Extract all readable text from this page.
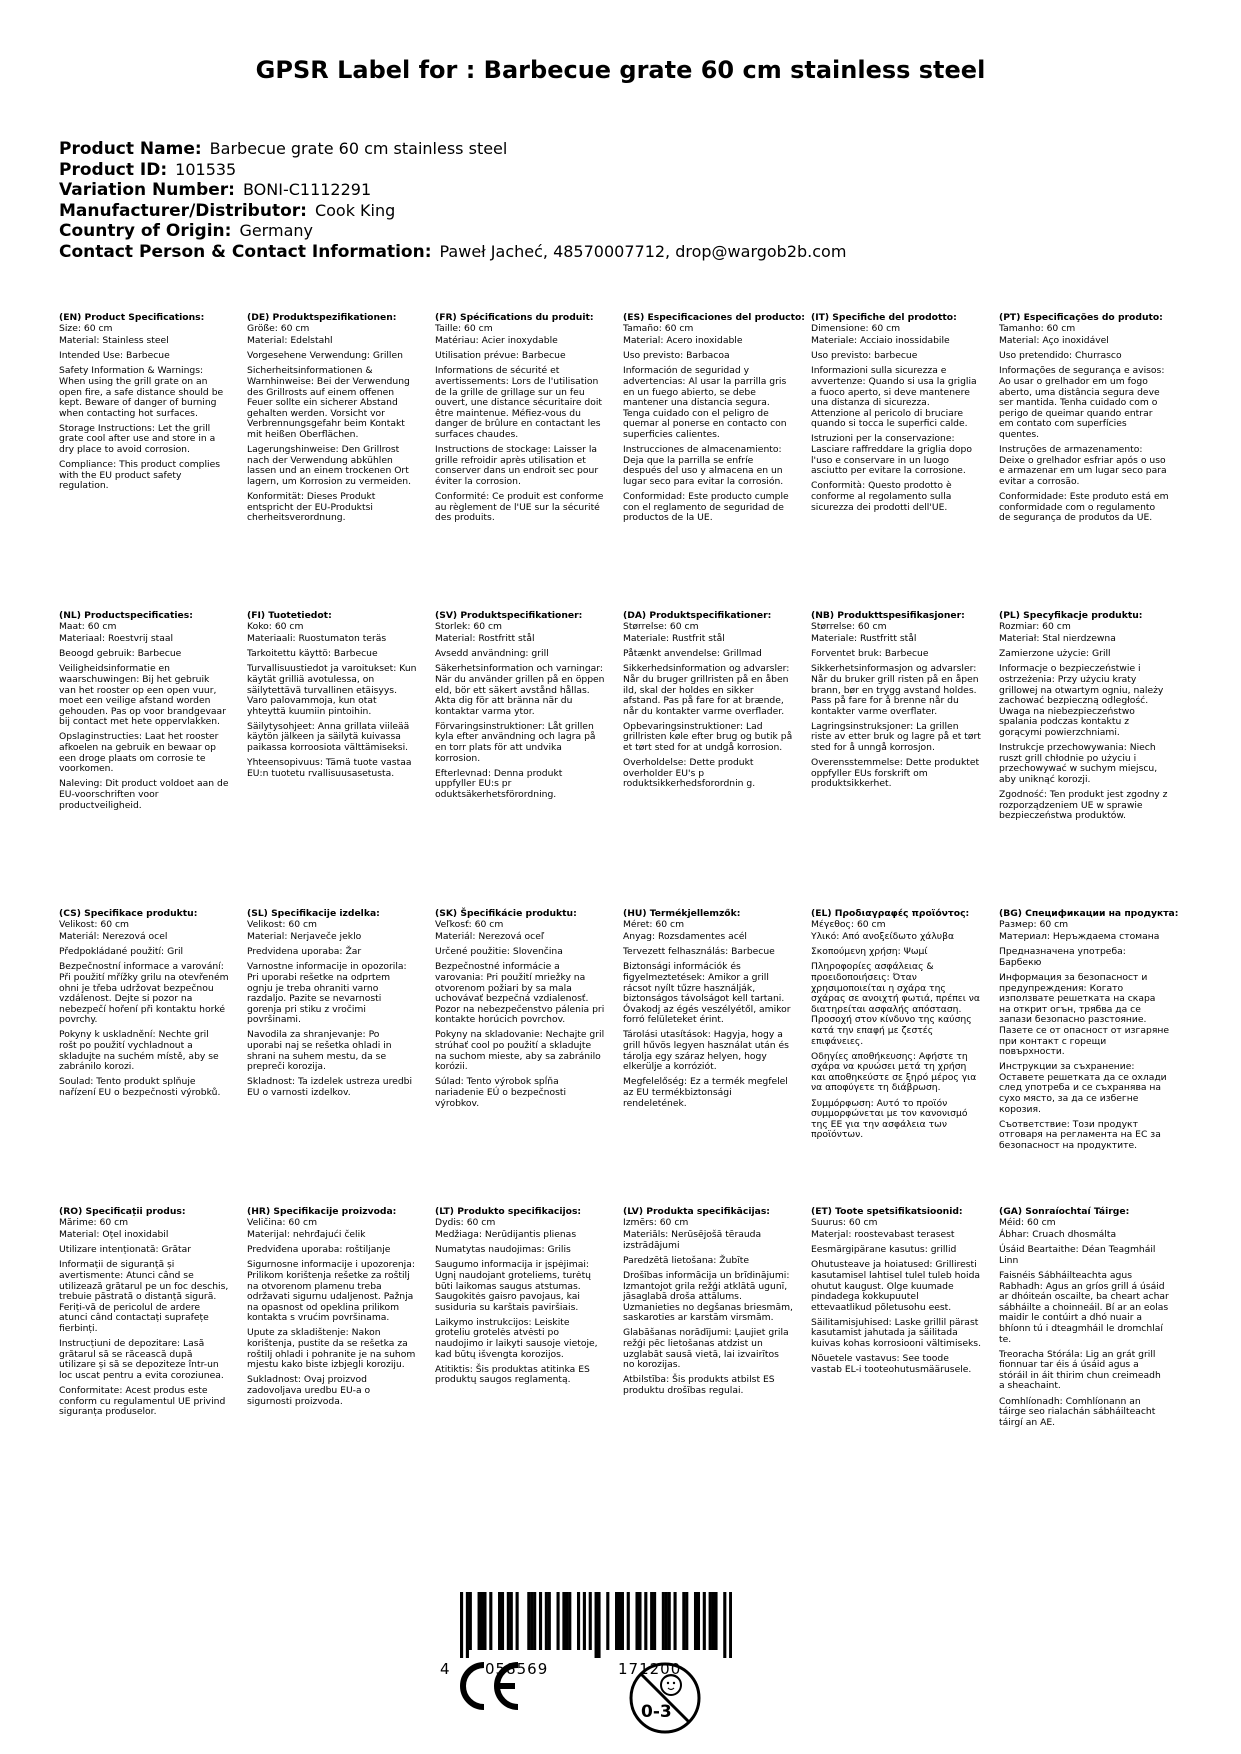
GPSR Label for : Barbecue grate 60 cm stainless steel
Product Name: Barbecue grate 60 cm stainless steel
Product ID: 101535
Variation Number: BONI-C1112291
Manufacturer/Distributor: Cook King
Country of Origin: Germany
Contact Person & Contact Information: Paweł Jacheć, 48570007712, drop@wargob2b.com
(EN) Product Specifications:
Size: 60 cm
Material: Stainless steel
Intended Use: Barbecue
Safety Information & Warnings: When using the grill grate on an open fire, a safe distance should be kept. Beware of danger of burning when contacting hot surfaces.
Storage Instructions: Let the grill grate cool after use and store in a dry place to avoid corrosion.
Compliance: This product complies with the EU product safety regulation.
(DE) Produktspezifikationen:
Größe: 60 cm
Material: Edelstahl
Vorgesehene Verwendung: Grillen
Sicherheitsinformationen & Warnhinweise: Bei der Verwendung des Grillrosts auf einem offenen Feuer sollte ein sicherer Abstand gehalten werden. Vorsicht vor Verbrennungsgefahr beim Kontakt mit heißen Oberflächen.
Lagerungshinweise: Den Grillrost nach der Verwendung abkühlen lassen und an einem trockenen Ort lagern, um Korrosion zu vermeiden.
Konformität: Dieses Produkt entspricht der EU-Produktsi cherheitsverordnung.
(FR) Spécifications du produit:
Taille: 60 cm
Matériau: Acier inoxydable
Utilisation prévue: Barbecue
Informations de sécurité et avertissements: Lors de l'utilisation de la grille de grillage sur un feu ouvert, une distance sécuritaire doit être maintenue. Méfiez-vous du danger de brûlure en contactant les surfaces chaudes.
Instructions de stockage: Laisser la grille refroidir après utilisation et conserver dans un endroit sec pour éviter la corrosion.
Conformité: Ce produit est conforme au règlement de l'UE sur la sécurité des produits.
(ES) Especificaciones del producto:
Tamaño: 60 cm
Material: Acero inoxidable
Uso previsto: Barbacoa
Información de seguridad y advertencias: Al usar la parrilla gris en un fuego abierto, se debe mantener una distancia segura. Tenga cuidado con el peligro de quemar al ponerse en contacto con superficies calientes.
Instrucciones de almacenamiento: Deja que la parrilla se enfríe después del uso y almacena en un lugar seco para evitar la corrosión.
Conformidad: Este producto cumple con el reglamento de seguridad de productos de la UE.
(IT) Specifiche del prodotto:
Dimensione: 60 cm
Materiale: Acciaio inossidabile
Uso previsto: barbecue
Informazioni sulla sicurezza e avvertenze: Quando si usa la griglia a fuoco aperto, si deve mantenere una distanza di sicurezza. Attenzione al pericolo di bruciare quando si tocca le superfici calde.
Istruzioni per la conservazione: Lasciare raffreddare la griglia dopo l'uso e conservare in un luogo asciutto per evitare la corrosione.
Conformità: Questo prodotto è conforme al regolamento sulla sicurezza dei prodotti dell'UE.
(PT) Especificações do produto:
Tamanho: 60 cm
Material: Aço inoxidável
Uso pretendido: Churrasco
Informações de segurança e avisos: Ao usar o grelhador em um fogo aberto, uma distância segura deve ser mantida. Tenha cuidado com o perigo de queimar quando entrar em contato com superfícies quentes.
Instruções de armazenamento: Deixe o grelhador esfriar após o uso e armazenar em um lugar seco para evitar a corrosão.
Conformidade: Este produto está em conformidade com o regulamento de segurança de produtos da UE.
(NL) Productspecificaties:
Maat: 60 cm
Materiaal: Roestvrij staal
Beoogd gebruik: Barbecue
Veiligheidsinformatie en waarschuwingen: Bij het gebruik van het rooster op een open vuur, moet een veilige afstand worden gehouden. Pas op voor brandgevaar bij contact met hete oppervlakken.
Opslaginstructies: Laat het rooster afkoelen na gebruik en bewaar op een droge plaats om corrosie te voorkomen.
Naleving: Dit product voldoet aan de EU-voorschriften voor productveiligheid.
(FI) Tuotetiedot:
Koko: 60 cm
Materiaali: Ruostumaton teräs
Tarkoitettu käyttö: Barbecue
Turvallisuustiedot ja varoitukset: Kun käytät grilliä avotulessa, on säilytettävä turvallinen etäisyys. Varo palovammoja, kun otat yhteyttä kuumiin pintoihin.
Säilytysohjeet: Anna grillata viileää käytön jälkeen ja säilytä kuivassa paikassa korroosiota välttämiseksi.
Yhteensopivuus: Tämä tuote vastaa EU:n tuotetu rvallisuusasetusta.
(SV) Produktspecifikationer:
Storlek: 60 cm
Material: Rostfritt stål
Avsedd användning: grill
Säkerhetsinformation och varningar: När du använder grillen på en öppen eld, bör ett säkert avstånd hållas. Akta dig för att bränna när du kontaktar varma ytor.
Förvaringsinstruktioner: Låt grillen kyla efter användning och lagra på en torr plats för att undvika korrosion.
Efterlevnad: Denna produkt uppfyller EU:s pr oduktsäkerhetsförordning.
(DA) Produktspecifikationer:
Størrelse: 60 cm
Materiale: Rustfrit stål
Påtænkt anvendelse: Grillmad
Sikkerhedsinformation og advarsler: Når du bruger grillristen på en åben ild, skal der holdes en sikker afstand. Pas på fare for at brænde, når du kontakter varme overflader.
Opbevaringsinstruktioner: Lad grillristen køle efter brug og butik på et tørt sted for at undgå korrosion.
Overholdelse: Dette produkt overholder EU's p roduktsikkerhedsforordnin g.
(NB) Produkttspesifikasjoner:
Størrelse: 60 cm
Materiale: Rustfritt stål
Forventet bruk: Barbecue
Sikkerhetsinformasjon og advarsler: Når du bruker grill risten på en åpen brann, bør en trygg avstand holdes. Pass på fare for å brenne når du kontakter varme overflater.
Lagringsinstruksjoner: La grillen riste av etter bruk og lagre på et tørt sted for å unngå korrosjon.
Overensstemmelse: Dette produktet oppfyller EUs forskrift om produktsikkerhet.
(PL) Specyfikacje produktu:
Rozmiar: 60 cm
Materiał: Stal nierdzewna
Zamierzone użycie: Grill
Informacje o bezpieczeństwie i ostrzeżenia: Przy użyciu kraty grillowej na otwartym ogniu, należy zachować bezpieczną odległość. Uwaga na niebezpieczeństwo spalania podczas kontaktu z gorącymi powierzchniami.
Instrukcje przechowywania: Niech ruszt grill chłodnie po użyciu i przechowywać w suchym miejscu, aby uniknąć korozji.
Zgodność: Ten produkt jest zgodny z rozporządzeniem UE w sprawie bezpieczeństwa produktów.
(CS) Specifikace produktu:
Velikost: 60 cm
Materiál: Nerezová ocel
Předpokládané použití: Gril
Bezpečnostní informace a varování: Při použití mřížky grilu na otevřeném ohni je třeba udržovat bezpečnou vzdálenost. Dejte si pozor na nebezpečí hoření při kontaktu horké povrchy.
Pokyny k uskladnění: Nechte gril rošt po použití vychladnout a skladujte na suchém místě, aby se zabránilo korozi.
Soulad: Tento produkt splňuje nařízení EU o bezpečnosti výrobků.
(SL) Specifikacije izdelka:
Velikost: 60 cm
Material: Nerjaveče jeklo
Predvidena uporaba: Žar
Varnostne informacije in opozorila: Pri uporabi rešetke na odprtem ognju je treba ohraniti varno razdaljo. Pazite se nevarnosti gorenja pri stiku z vročimi površinami.
Navodila za shranjevanje: Po uporabi naj se rešetka ohladi in shrani na suhem mestu, da se prepreči korozija.
Skladnost: Ta izdelek ustreza uredbi EU o varnosti izdelkov.
(SK) Špecifikácie produktu:
Veľkosť: 60 cm
Materiál: Nerezová oceľ
Určené použitie: Slovenčina
Bezpečnostné informácie a varovania: Pri použití mriežky na otvorenom požiari by sa mala uchovávať bezpečná vzdialenosť. Pozor na nebezpečenstvo pálenia pri kontakte horúcich povrchov.
Pokyny na skladovanie: Nechajte gril strúhať cool po použití a skladujte na suchom mieste, aby sa zabránilo korózii.
Súlad: Tento výrobok spĺňa nariadenie EÚ o bezpečnosti výrobkov.
(HU) Termékjellemzők:
Méret: 60 cm
Anyag: Rozsdamentes acél
Tervezett felhasználás: Barbecue
Biztonsági információk és figyelmeztetések: Amikor a grill rácsot nyílt tűzre használják, biztonságos távolságot kell tartani. Óvakodj az égés veszélyétől, amikor forró felületeket érint.
Tárolási utasítások: Hagyja, hogy a grill hűvös legyen használat után és tárolja egy száraz helyen, hogy elkerülje a korróziót.
Megfelelőség: Ez a termék megfelel az EU termékbiztonsági rendeletének.
(EL) Προδιαγραφές προϊόντος:
Μέγεθος: 60 cm
Υλικό: Από ανοξείδωτο χάλυβα
Σκοπούμενη χρήση: Ψωμί
Πληροφορίες ασφάλειας & προειδοποιήσεις: Όταν χρησιμοποιείται η σχάρα της σχάρας σε ανοιχτή φωτιά, πρέπει να διατηρείται ασφαλής απόσταση. Προσοχή στον κίνδυνο της καύσης κατά την επαφή με ζεστές επιφάνειες.
Οδηγίες αποθήκευσης: Αφήστε τη σχάρα να κρυώσει μετά τη χρήση και αποθηκεύστε σε ξηρό μέρος για να αποφύγετε τη διάβρωση.
Συμμόρφωση: Αυτό το προϊόν συμμορφώνεται με τον κανονισμό της ΕΕ για την ασφάλεια των προϊόντων.
(BG) Спецификации на продукта:
Размер: 60 cm
Материал: Неръждаема стомана
Предназначена употреба: Барбекю
Информация за безопасност и предупреждения: Когато използвате решетката на скара на открит огън, трябва да се запази безопасно разстояние. Пазете се от опасност от изгаряне при контакт с горещи повърхности.
Инструкции за съхранение: Оставете решетката да се охлади след употреба и се съхранява на сухо място, за да се избегне корозия.
Съответствие: Този продукт отговаря на регламента на ЕС за безопасност на продуктите.
(RO) Specificații produs:
Mărime: 60 cm
Material: Oțel inoxidabil
Utilizare intenționată: Grătar
Informații de siguranță și avertismente: Atunci când se utilizează grătarul pe un foc deschis, trebuie păstrată o distanță sigură. Feriți-vă de pericolul de ardere atunci când contactați suprafețe fierbinți.
Instrucțiuni de depozitare: Lasă grătarul să se răcească după utilizare și să se depoziteze într-un loc uscat pentru a evita coroziunea.
Conformitate: Acest produs este conform cu regulamentul UE privind siguranța produselor.
(HR) Specifikacije proizvoda:
Veličina: 60 cm
Materijal: nehrđajući čelik
Predviđena uporaba: roštiljanje
Sigurnosne informacije i upozorenja: Prilikom korištenja rešetke za roštilj na otvorenom plamenu treba održavati sigurnu udaljenost. Pažnja na opasnost od opeklina prilikom kontakta s vrućim površinama.
Upute za skladištenje: Nakon korištenja, pustite da se rešetka za roštilj ohladi i pohranite je na suhom mjestu kako biste izbjegli koroziju.
Sukladnost: Ovaj proizvod zadovoljava uredbu EU-a o sigurnosti proizvoda.
(LT) Produkto specifikacijos:
Dydis: 60 cm
Medžiaga: Nerūdijantis plienas
Numatytas naudojimas: Grilis
Saugumo informacija ir įspėjimai: Ugnį naudojant groteliems, turėtų būti laikomas saugus atstumas. Saugokitės gaisro pavojaus, kai susiduria su karštais paviršiais.
Laikymo instrukcijos: Leiskite groteliu grotelės atvėsti po naudojimo ir laikyti sausoje vietoje, kad būtų išvengta korozijos.
Atitiktis: Šis produktas atitinka ES produktų saugos reglamentą.
(LV) Produkta specifikācijas:
Izmērs: 60 cm
Materiāls: Nerūsējošā tērauda izstrādājumi
Paredzētā lietošana: Žubīte
Drošības informācija un brīdinājumi: Izmantojot grila režģi atklātā ugunī, jāsaglabā droša attālums. Uzmanieties no degšanas briesmām, saskaroties ar karstām virsmām.
Glabāšanas norādījumi: Ļaujiet grila režģi pēc lietošanas atdzist un uzglabāt sausā vietā, lai izvairītos no korozijas.
Atbilstība: Šis produkts atbilst ES produktu drošības regulai.
(ET) Toote spetsifikatsioonid:
Suurus: 60 cm
Materjal: roostevabast terasest
Eesmärgipärane kasutus: grillid
Ohutusteave ja hoiatused: Grilliresti kasutamisel lahtisel tulel tuleb hoida ohutut kaugust. Olge kuumade pindadega kokkupuutel ettevaatlikud põletusohu eest.
Säilitamisjuhised: Laske grillil pärast kasutamist jahutada ja säilitada kuivas kohas korrosiooni vältimiseks.
Nõuetele vastavus: See toode vastab EL-i tooteohutusmäärusele.
(GA) Sonraíochtaí Táirge:
Méid: 60 cm
Ábhar: Cruach dhosmálta
Úsáid Beartaithe: Déan Teagmháil Linn
Faisnéis Sábháilteachta agus Rabhadh: Agus an gríos grill á úsáid ar dhóiteán oscailte, ba cheart achar sábháilte a choinneáil. Bí ar an eolas maidir le contúirt a dhó nuair a bhíonn tú i dteagmháil le dromchlaí te.
Treoracha Stórála: Lig an grát grill fionnuar tar éis á úsáid agus a stóráil in áit thirim chun creimeadh a sheachaint.
Comhlíonadh: Comhlíonann an táirge seo rialachán sábháilteacht táirgí an AE.
4 058569	171200
0-3
